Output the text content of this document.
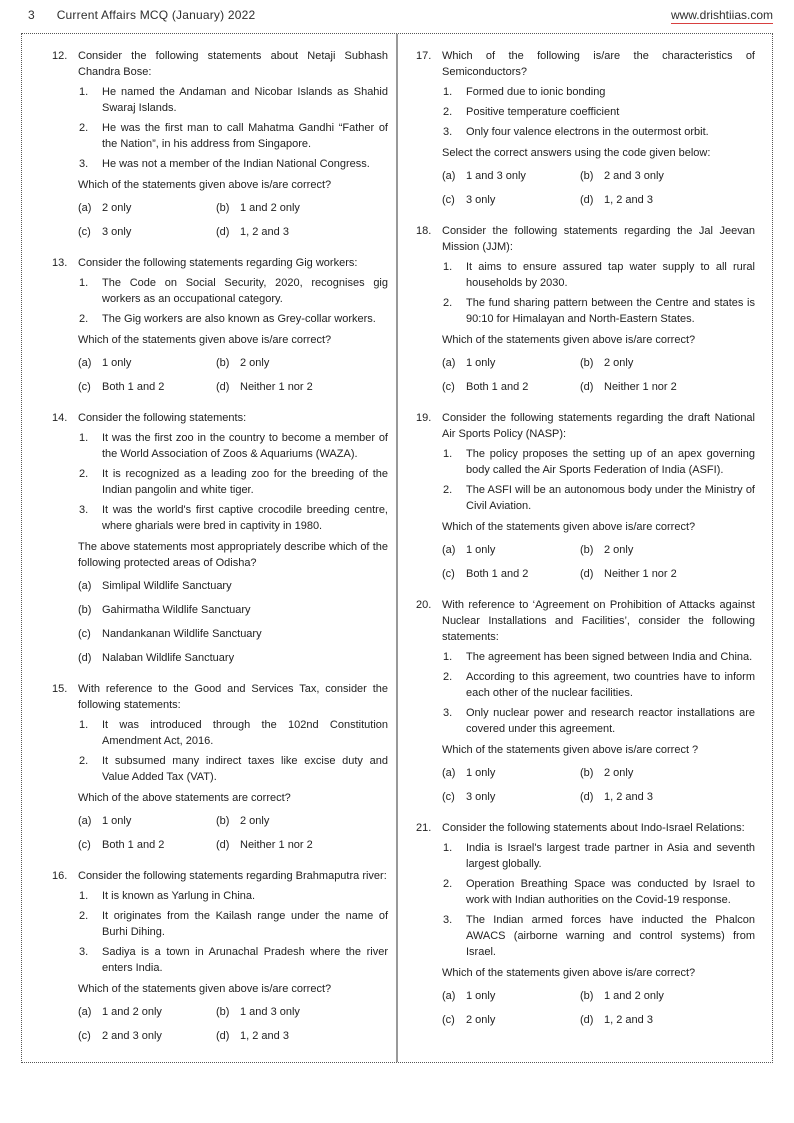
3 Current Affairs MCQ (January) 2022	www.drishtiias.com
12. Consider the following statements about Netaji Subhash Chandra Bose:
1.	He named the Andaman and Nicobar Islands as Shahid Swaraj Islands.
2.	He was the first man to call Mahatma Gandhi “Father of the Nation”, in his address from Singapore.
3.	He was not a member of the Indian National Congress.
Which of the statements given above is/are correct?
(a) 2 only	(b) 1 and 2 only
(c)	3 only	(d) 1, 2 and 3
13. Consider the following statements regarding Gig workers:
1.	The Code on Social Security, 2020, recognises gig workers as an occupational category.
2.	The Gig workers are also known as Grey-collar workers.
Which of the statements given above is/are correct?
(a) 1 only	(b) 2 only
(c)	Both 1 and 2	(d) Neither 1 nor 2
14. Consider the following statements:
1.	It was the first zoo in the country to become a member of the World Association of Zoos & Aquariums (WAZA).
2.	It is recognized as a leading zoo for the breeding of the Indian pangolin and white tiger.
3.	It was the world's first captive crocodile breeding centre, where gharials were bred in captivity in 1980.
The above statements most appropriately describe which of the following protected areas of Odisha?
(a) Simlipal Wildlife Sanctuary
(b) Gahirmatha Wildlife Sanctuary
(c)	Nandankanan Wildlife Sanctuary
(d) Nalaban Wildlife Sanctuary
15. With reference to the Good and Services Tax, consider the following statements:
1.	It was introduced through the 102nd Constitution Amendment Act, 2016.
2.	It subsumed many indirect taxes like excise duty and Value Added Tax (VAT).
Which of the above statements are correct?
(a) 1 only	(b) 2 only
(c)	Both 1 and 2	(d) Neither 1 nor 2
16. Consider the following statements regarding Brahmaputra river:
1.	It is known as Yarlung in China.
2.	It originates from the Kailash range under the name of Burhi Dihing.
3.	Sadiya is a town in Arunachal Pradesh where the river enters India.
Which of the statements given above is/are correct?
(a) 1 and 2 only	(b) 1 and 3 only
(c)	2 and 3 only	(d) 1, 2 and 3
17. Which of the following is/are the characteristics of Semiconductors?
1.	Formed due to ionic bonding
2.	Positive temperature coefficient
3.	Only four valence electrons in the outermost orbit.
Select the correct answers using the code given below:
(a) 1 and 3 only	(b) 2 and 3 only
(c)	3 only	(d) 1, 2 and 3
18. Consider the following statements regarding the Jal Jeevan Mission (JJM):
1.	It aims to ensure assured tap water supply to all rural households by 2030.
2.	The fund sharing pattern between the Centre and states is 90:10 for Himalayan and North-Eastern States.
Which of the statements given above is/are correct?
(a) 1 only	(b) 2 only
(c)	Both 1 and 2	(d) Neither 1 nor 2
19. Consider the following statements regarding the draft National Air Sports Policy (NASP):
1.	The policy proposes the setting up of an apex governing body called the Air Sports Federation of India (ASFI).
2.	The ASFI will be an autonomous body under the Ministry of Civil Aviation.
Which of the statements given above is/are correct?
(a) 1 only	(b) 2 only
(c)	Both 1 and 2	(d) Neither 1 nor 2
20. With reference to ‘Agreement on Prohibition of Attacks against Nuclear Installations and Facilities’, consider the following statements:
1.	The agreement has been signed between India and China.
2.	According to this agreement, two countries have to inform each other of the nuclear facilities.
3.	Only nuclear power and research reactor installations are covered under this agreement.
Which of the statements given above is/are correct ?
(a) 1 only	(b) 2 only
(c)	3 only	(d) 1, 2 and 3
21. Consider the following statements about Indo-Israel Relations:
1.	India is Israel's largest trade partner in Asia and seventh largest globally.
2.	Operation Breathing Space was conducted by Israel to work with Indian authorities on the Covid-19 response.
3.	The Indian armed forces have inducted the Phalcon AWACS (airborne warning and control systems) from Israel.
Which of the statements given above is/are correct?
(a) 1 only	(b) 1 and 2 only
(c)	2 only	(d) 1, 2 and 3
